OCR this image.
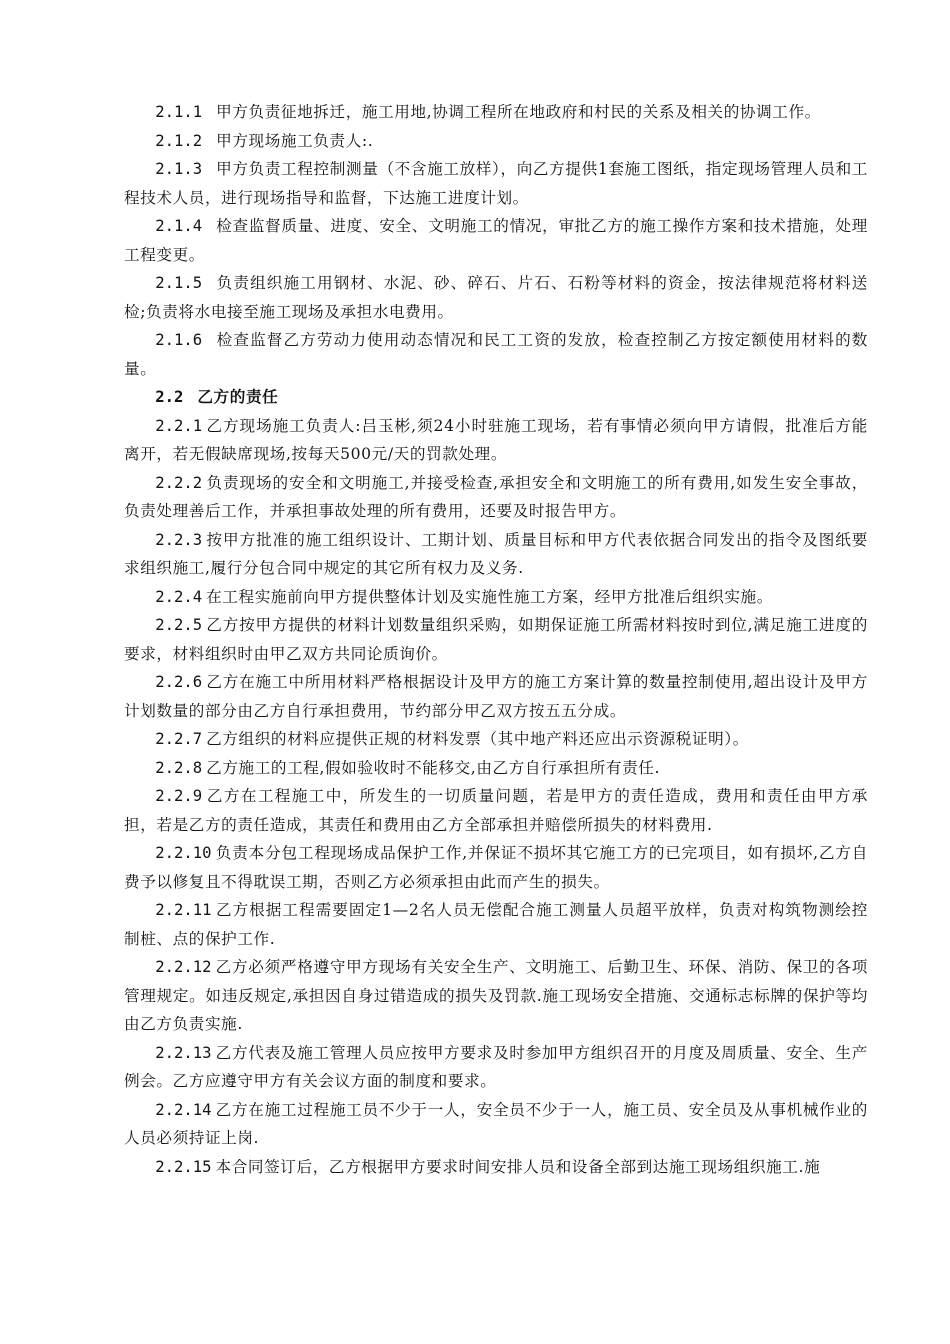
2.1.1 甲方负责征地拆迁，施工用地,协调工程所在地政府和村民的关系及相关的协调工作。

2.1.2 甲方现场施工负责人:.

2.1.3 甲方负责工程控制测量（不含施工放样），向乙方提供1套施工图纸，指定现场管理人员和工程技术人员，进行现场指导和监督，下达施工进度计划。

2.1.4 检查监督质量、进度、安全、文明施工的情况，审批乙方的施工操作方案和技术措施，处理工程变更。

2.1.5 负责组织施工用钢材、水泥、砂、碎石、片石、石粉等材料的资金，按法律规范将材料送检;负责将水电接至施工现场及承担水电费用。

2.1.6 检查监督乙方劳动力使用动态情况和民工工资的发放，检查控制乙方按定额使用材料的数量。

2.2 乙方的责任

2.2.1 乙方现场施工负责人:吕玉彬,须24小时驻施工现场，若有事情必须向甲方请假，批准后方能离开，若无假缺席现场,按每天500元/天的罚款处理。

2.2.2 负责现场的安全和文明施工,并接受检查,承担安全和文明施工的所有费用,如发生安全事故，负责处理善后工作，并承担事故处理的所有费用，还要及时报告甲方。

2.2.3 按甲方批准的施工组织设计、工期计划、质量目标和甲方代表依据合同发出的指令及图纸要求组织施工,履行分包合同中规定的其它所有权力及义务.

2.2.4 在工程实施前向甲方提供整体计划及实施性施工方案，经甲方批准后组织实施。

2.2.5 乙方按甲方提供的材料计划数量组织采购，如期保证施工所需材料按时到位,满足施工进度的要求，材料组织时由甲乙双方共同论质询价。

2.2.6 乙方在施工中所用材料严格根据设计及甲方的施工方案计算的数量控制使用,超出设计及甲方计划数量的部分由乙方自行承担费用，节约部分甲乙双方按五五分成。

2.2.7 乙方组织的材料应提供正规的材料发票（其中地产料还应出示资源税证明）。

2.2.8 乙方施工的工程,假如验收时不能移交,由乙方自行承担所有责任.

2.2.9 乙方在工程施工中，所发生的一切质量问题，若是甲方的责任造成，费用和责任由甲方承担，若是乙方的责任造成，其责任和费用由乙方全部承担并赔偿所损失的材料费用.

2.2.10 负责本分包工程现场成品保护工作,并保证不损坏其它施工方的已完项目，如有损坏,乙方自费予以修复且不得耽误工期，否则乙方必须承担由此而产生的损失。

2.2.11 乙方根据工程需要固定1—2名人员无偿配合施工测量人员超平放样，负责对构筑物测绘控制桩、点的保护工作.

2.2.12 乙方必须严格遵守甲方现场有关安全生产、文明施工、后勤卫生、环保、消防、保卫的各项管理规定。如违反规定,承担因自身过错造成的损失及罚款.施工现场安全措施、交通标志标牌的保护等均由乙方负责实施.

2.2.13 乙方代表及施工管理人员应按甲方要求及时参加甲方组织召开的月度及周质量、安全、生产例会。乙方应遵守甲方有关会议方面的制度和要求。

2.2.14 乙方在施工过程施工员不少于一人，安全员不少于一人，施工员、安全员及从事机械作业的人员必须持证上岗.

2.2.15 本合同签订后，乙方根据甲方要求时间安排人员和设备全部到达施工现场组织施工.施
